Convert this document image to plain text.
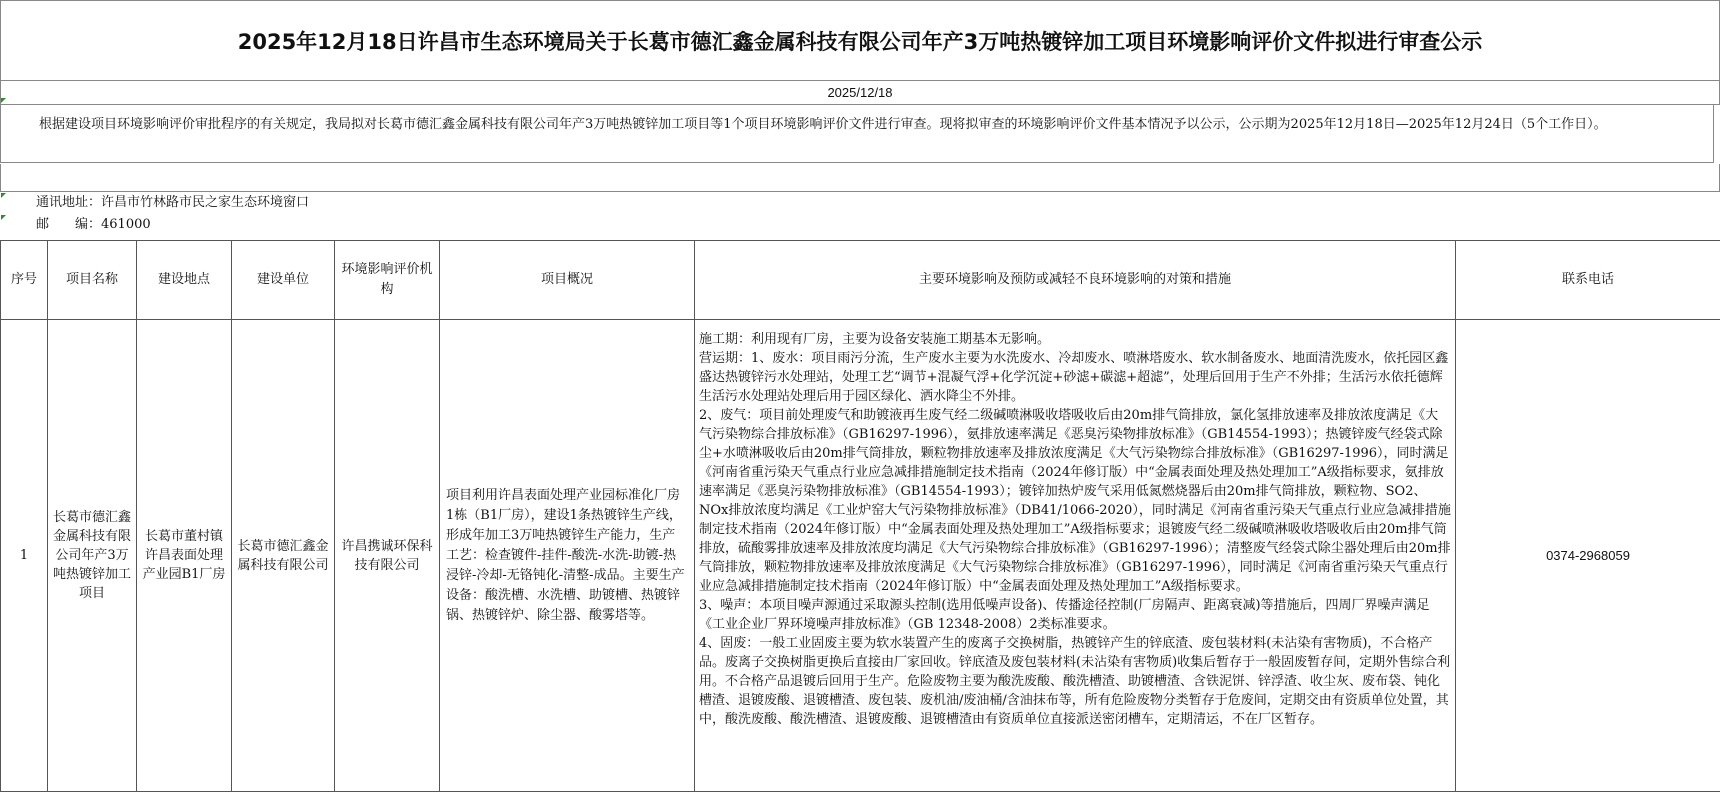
2025年12月18日许昌市生态环境局关于长葛市德汇鑫金属科技有限公司年产3万吨热镀锌加工项目环境影响评价文件拟进行审查公示
2025/12/18
根据建设项目环境影响评价审批程序的有关规定，我局拟对长葛市德汇鑫金属科技有限公司年产3万吨热镀锌加工项目等1个项目环境影响评价文件进行审查。现将拟审查的环境影响评价文件基本情况予以公示，公示期为2025年12月18日—2025年12月24日（5个工作日）。
通讯地址：许昌市竹林路市民之家生态环境窗口
邮　　编：461000
序号	项目名称	建设地点	建设单位	环境影响评价机构	项目概况	主要环境影响及预防或减轻不良环境影响的对策和措施	联系电话
1	长葛市德汇鑫金属科技有限公司年产3万吨热镀锌加工项目	长葛市董村镇许昌表面处理产业园B1厂房	长葛市德汇鑫金属科技有限公司	许昌携诚环保科技有限公司	项目利用许昌表面处理产业园标准化厂房1栋（B1厂房），建设1条热镀锌生产线，形成年加工3万吨热镀锌生产能力，生产工艺：检查镀件-挂件-酸洗-水洗-助镀-热浸锌-冷却-无铬钝化-清整-成品。主要生产设备：酸洗槽、水洗槽、助镀槽、热镀锌锅、热镀锌炉、除尘器、酸雾塔等。	施工期：利用现有厂房，主要为设备安装施工期基本无影响。
营运期：1、废水：项目雨污分流，生产废水主要为水洗废水、冷却废水、喷淋塔废水、软水制备废水、地面清洗废水，依托园区鑫盛达热镀锌污水处理站，处理工艺“调节+混凝气浮+化学沉淀+砂滤+碳滤+超滤”，处理后回用于生产不外排；生活污水依托德辉生活污水处理站处理后用于园区绿化、洒水降尘不外排。
2、废气：项目前处理废气和助镀液再生废气经二级碱喷淋吸收塔吸收后由20m排气筒排放，氯化氢排放速率及排放浓度满足《大气污染物综合排放标准》（GB16297-1996），氨排放速率满足《恶臭污染物排放标准》（GB14554-1993）；热镀锌废气经袋式除尘+水喷淋吸收后由20m排气筒排放，颗粒物排放速率及排放浓度满足《大气污染物综合排放标准》（GB16297-1996），同时满足《河南省重污染天气重点行业应急减排措施制定技术指南（2024年修订版）中“金属表面处理及热处理加工”A级指标要求，氨排放速率满足《恶臭污染物排放标准》（GB14554-1993）；镀锌加热炉废气采用低氮燃烧器后由20m排气筒排放，颗粒物、SO2、NOx排放浓度均满足《工业炉窑大气污染物排放标准》（DB41/1066-2020），同时满足《河南省重污染天气重点行业应急减排措施制定技术指南（2024年修订版）中“金属表面处理及热处理加工”A级指标要求；退镀废气经二级碱喷淋吸收塔吸收后由20m排气筒排放，硫酸雾排放速率及排放浓度均满足《大气污染物综合排放标准》（GB16297-1996）；清整废气经袋式除尘器处理后由20m排气筒排放，颗粒物排放速率及排放浓度满足《大气污染物综合排放标准》（GB16297-1996），同时满足《河南省重污染天气重点行业应急减排措施制定技术指南（2024年修订版）中“金属表面处理及热处理加工”A级指标要求。
3、噪声：本项目噪声源通过采取源头控制(选用低噪声设备)、传播途径控制(厂房隔声、距离衰减)等措施后，四周厂界噪声满足《工业企业厂界环境噪声排放标准》（GB 12348-2008）2类标准要求。
4、固废：一般工业固废主要为软水装置产生的废离子交换树脂，热镀锌产生的锌底渣、废包装材料(未沾染有害物质)，不合格产品。废离子交换树脂更换后直接由厂家回收。锌底渣及废包装材料(未沾染有害物质)收集后暂存于一般固废暂存间，定期外售综合利用。不合格产品退镀后回用于生产。危险废物主要为酸洗废酸、酸洗槽渣、助镀槽渣、含铁泥饼、锌浮渣、收尘灰、废布袋、钝化槽渣、退镀废酸、退镀槽渣、废包装、废机油/废油桶/含油抹布等，所有危险废物分类暂存于危废间，定期交由有资质单位处置，其中，酸洗废酸、酸洗槽渣、退镀废酸、退镀槽渣由有资质单位直接派送密闭槽车，定期清运，不在厂区暂存。	0374-2968059
